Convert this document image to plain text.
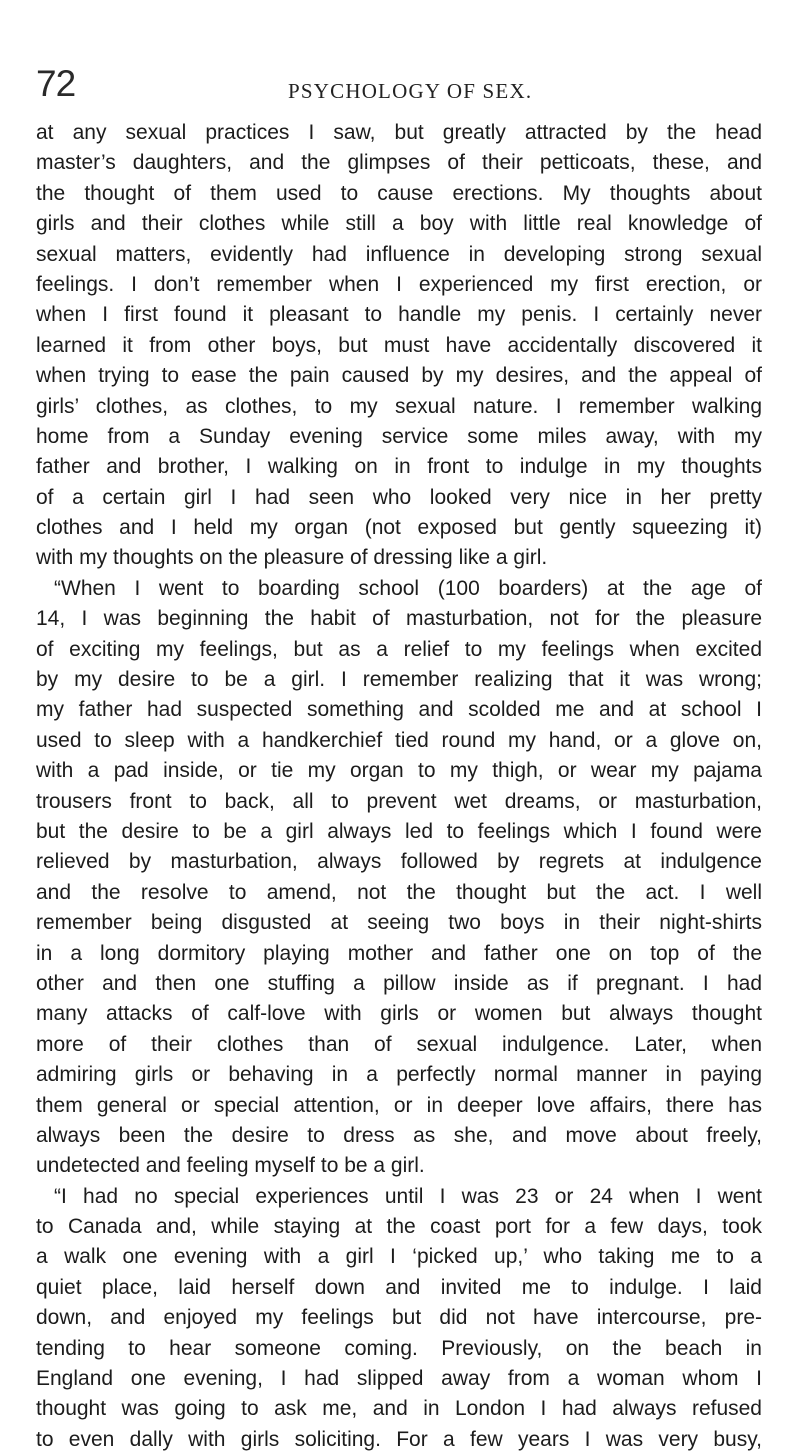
72	PSYCHOLOGY OF SEX.
at any sexual practices I saw, but greatly attracted by the head
master’s daughters, and the glimpses of their petticoats, these, and
the thought of them used to cause erections. My thoughts about
girls and their clothes while still a boy with little real knowledge of
sexual matters, evidently had influence in developing strong sexual
feelings. I don’t remember when I experienced my first erection, or
when I first found it pleasant to handle my penis. I certainly never
learned it from other boys, but must have accidentally discovered it
when trying to ease the pain caused by my desires, and the appeal of
girls’ clothes, as clothes, to my sexual nature. I remember walking
home from a Sunday evening service some miles away, with my
father and brother, I walking on in front to indulge in my thoughts
of a certain girl I had seen who looked very nice in her pretty
clothes and I held my organ (not exposed but gently squeezing it)
with my thoughts on the pleasure of dressing like a girl.
“When I went to boarding school (100 boarders) at the age of
14, I was beginning the habit of masturbation, not for the pleasure
of exciting my feelings, but as a relief to my feelings when excited
by my desire to be a girl. I remember realizing that it was wrong;
my father had suspected something and scolded me and at school I
used to sleep with a handkerchief tied round my hand, or a glove on,
with a pad inside, or tie my organ to my thigh, or wear my pajama
trousers front to back, all to prevent wet dreams, or masturbation,
but the desire to be a girl always led to feelings which I found were
relieved by masturbation, always followed by regrets at indulgence
and the resolve to amend, not the thought but the act. I well
remember being disgusted at seeing two boys in their night-shirts
in a long dormitory playing mother and father one on top of the
other and then one stuffing a pillow inside as if pregnant. I had
many attacks of calf-love with girls or women but always thought
more of their clothes than of sexual indulgence. Later, when
admiring girls or behaving in a perfectly normal manner in paying
them general or special attention, or in deeper love affairs, there has
always been the desire to dress as she, and move about freely,
undetected and feeling myself to be a girl.
“I had no special experiences until I was 23 or 24 when I went
to Canada and, while staying at the coast port for a few days, took
a walk one evening with a girl I ‘picked up,’ who taking me to a
quiet place, laid herself down and invited me to indulge. I laid
down, and enjoyed my feelings but did not have intercourse, pre-
tending to hear someone coming. Previously, on the beach in
England one evening, I had slipped away from a woman whom I
thought was going to ask me, and in London I had always refused
to even dally with girls soliciting. For a few years I was very busy,
